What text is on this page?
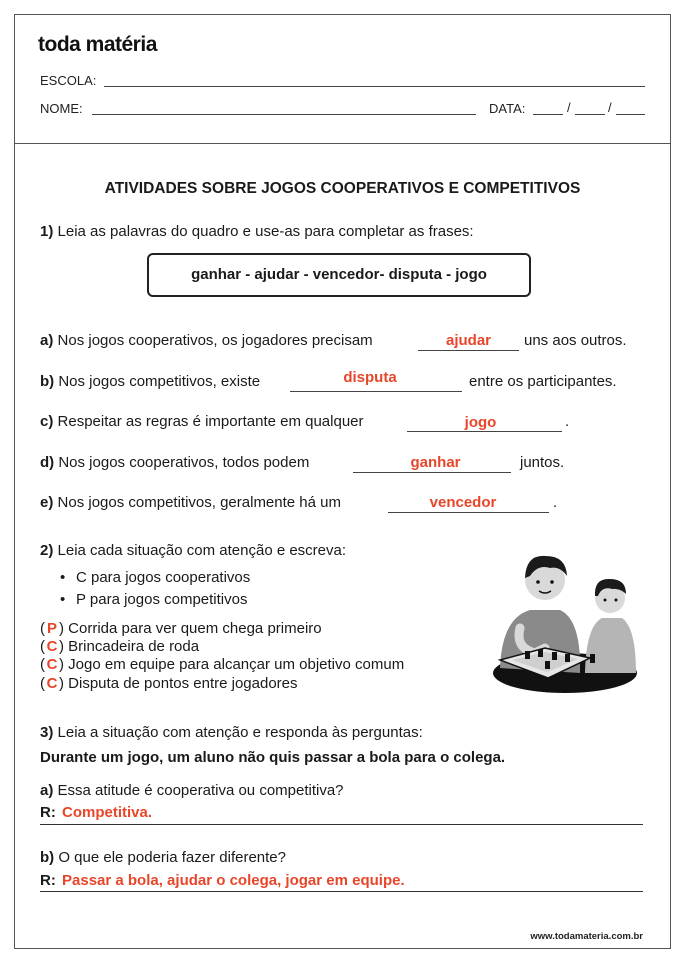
toda matéria
ESCOLA:
NOME:	DATA:	/	/
ATIVIDADES SOBRE JOGOS COOPERATIVOS E COMPETITIVOS
1) Leia as palavras do quadro e use-as para completar as frases:
ganhar - ajudar - vencedor- disputa - jogo
a) Nos jogos cooperativos, os jogadores precisam	ajudar	uns aos outros.
b) Nos jogos competitivos, existe	disputa	entre os participantes.
c) Respeitar as regras é importante em qualquer	jogo	.
d) Nos jogos cooperativos, todos podem	ganhar	juntos.
e) Nos jogos competitivos, geralmente há um	vencedor	.
2) Leia cada situação com atenção e escreva:
• C para jogos cooperativos
• P para jogos competitivos
( P ) Corrida para ver quem chega primeiro
( C ) Brincadeira de roda
( C ) Jogo em equipe para alcançar um objetivo comum
( C ) Disputa de pontos entre jogadores
3) Leia a situação com atenção e responda às perguntas:
Durante um jogo, um aluno não quis passar a bola para o colega.
a) Essa atitude é cooperativa ou competitiva?
R: Competitiva.
b) O que ele poderia fazer diferente?
R: Passar a bola, ajudar o colega, jogar em equipe.
www.todamateria.com.br
